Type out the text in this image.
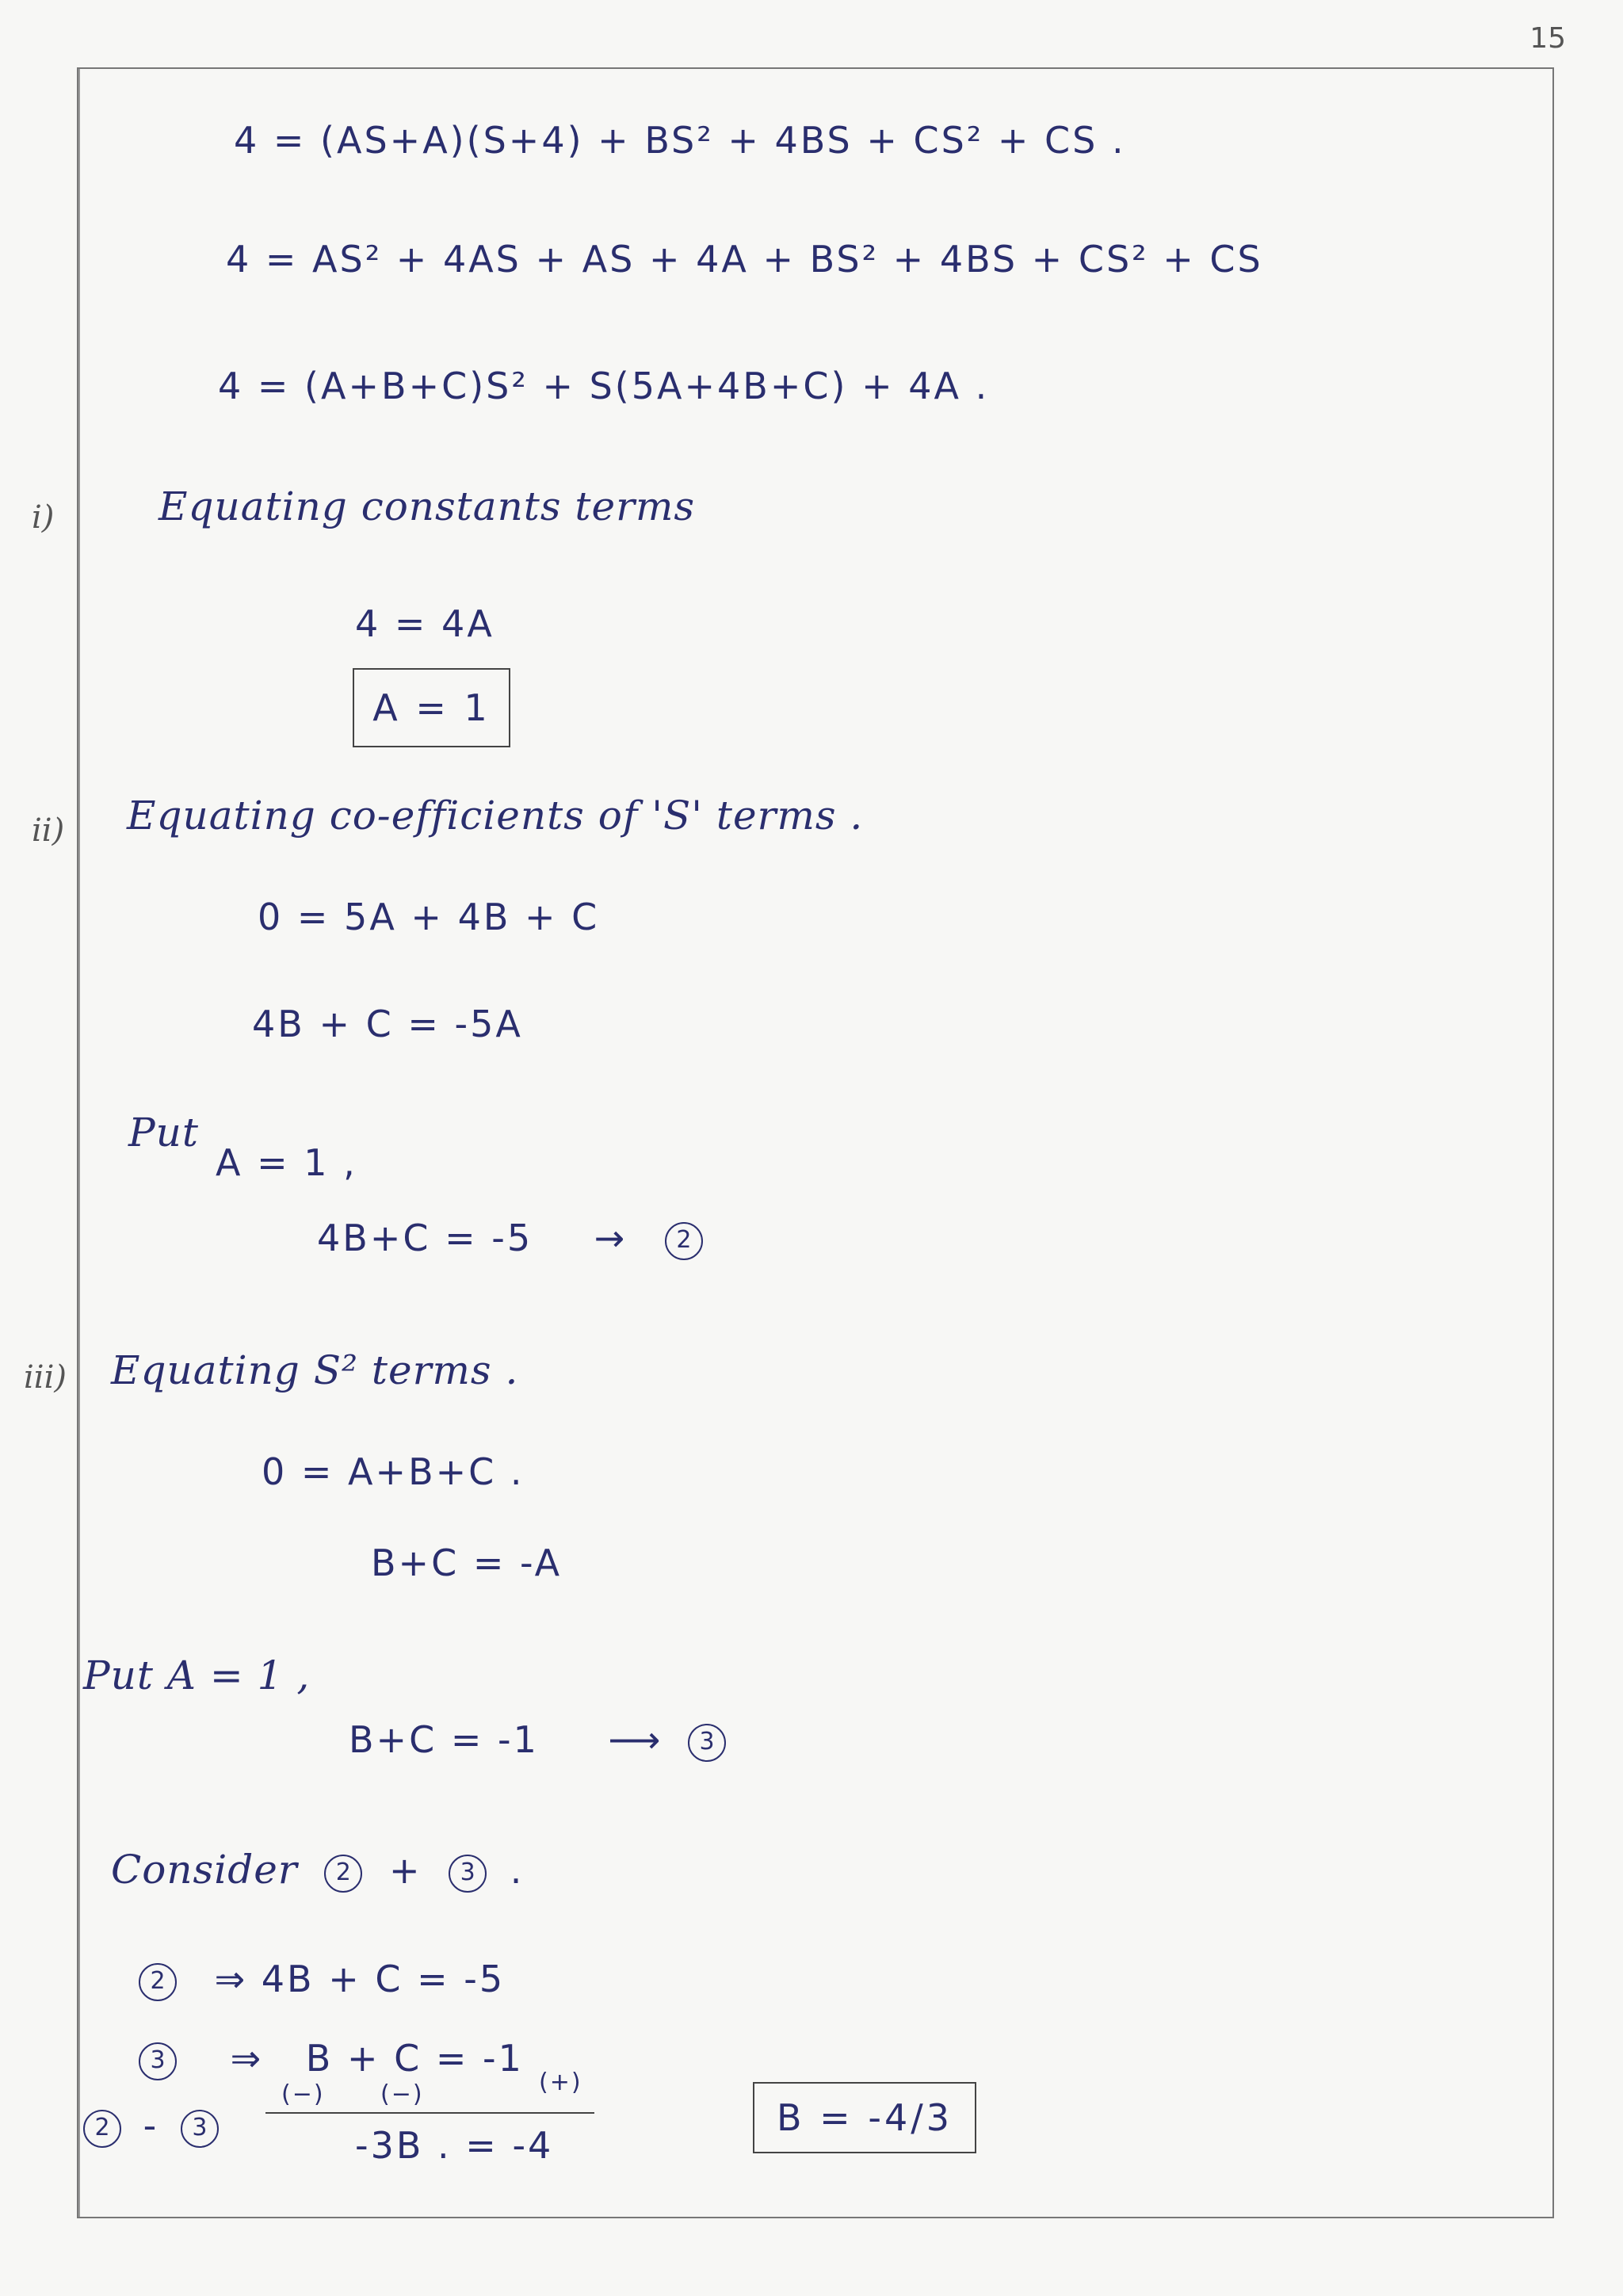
15
4 = (AS+A)(S+4) + BS² + 4BS + CS² + CS .
4 = AS² + 4AS + AS + 4A + BS² + 4BS + CS² + CS
4 = (A+B+C)S² + S(5A+4B+C) + 4A .
i)	Equating constants terms
4 = 4A
A = 1
ii) Equating co-efficients of 'S' terms .
0 = 5A + 4B + C
4B + C = -5A
Put
A = 1 ,
4B+C = -5 → 2
iii) Equating S² terms .
0 = A+B+C .
B+C = -A
Put A = 1 ,
B+C = -1 ⟶ 3
Consider 2 + 3 .
2 ⇒ 4B + C = -5
3 ⇒ B + C = -1
(−) (−)	(+)
2 - 3	-3B . = -4
B = -4/3
